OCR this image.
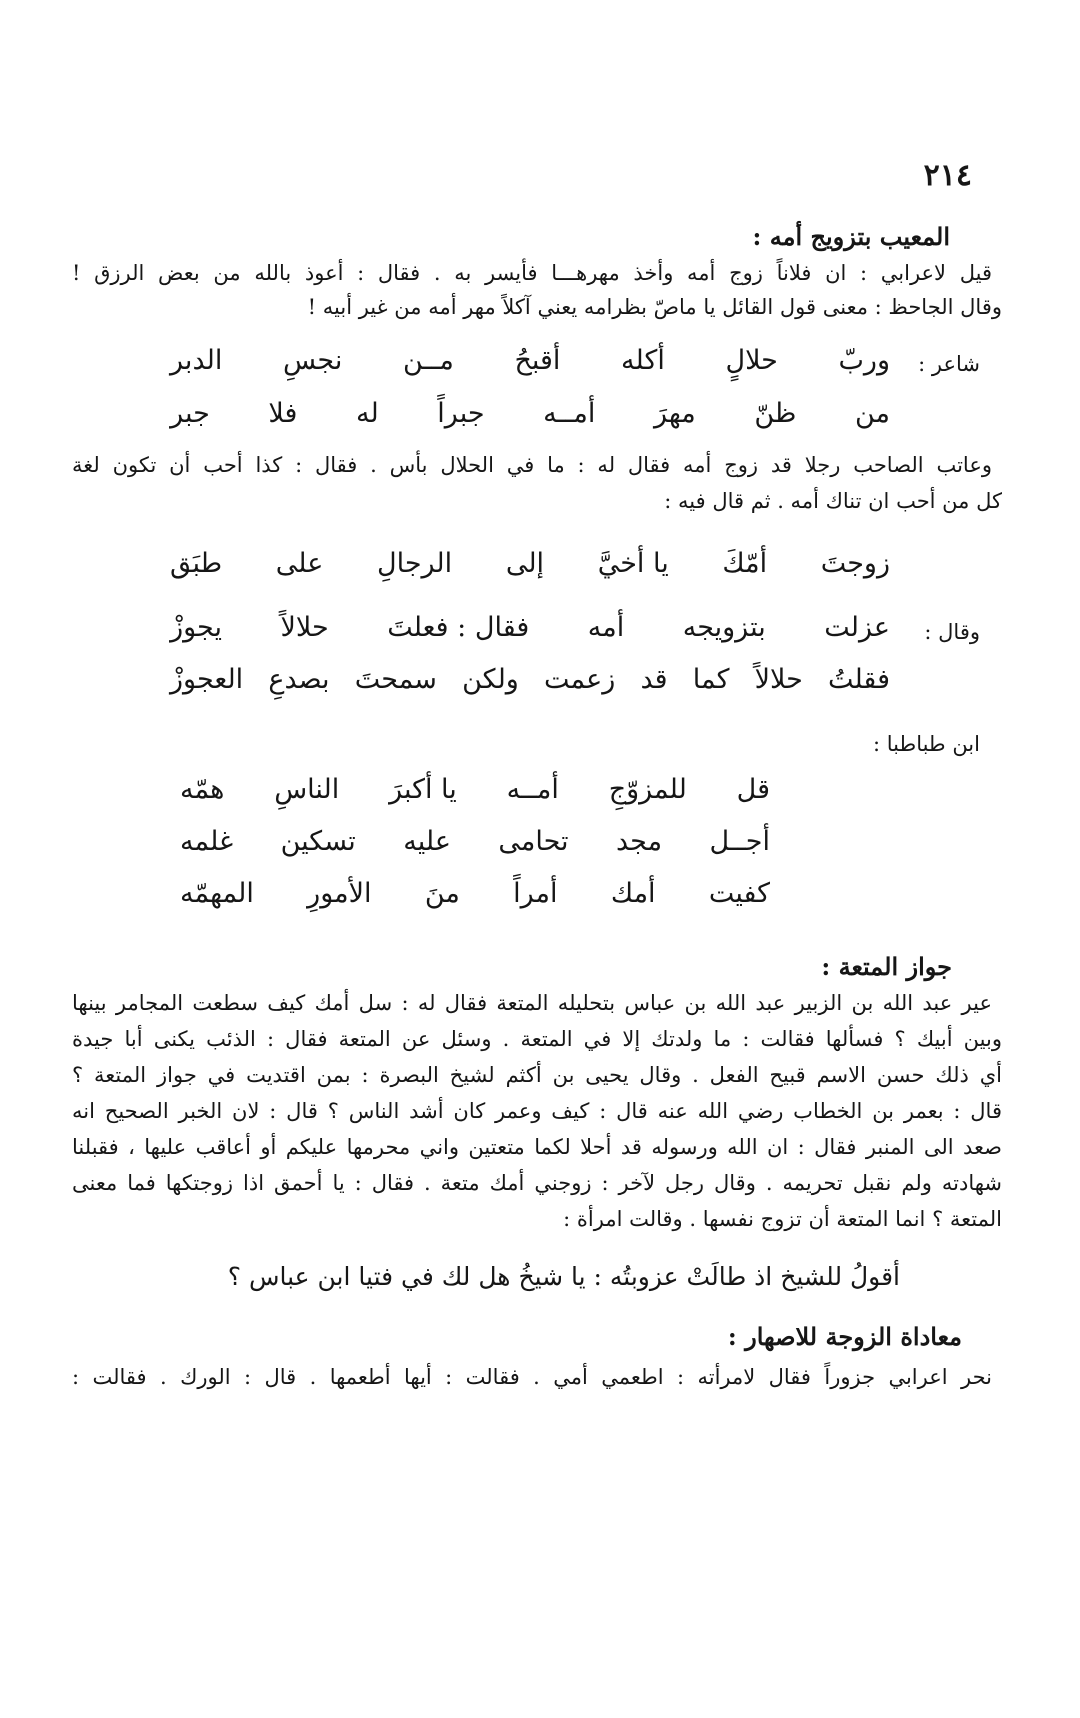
٢١٤
المعيب بتزويج أمه :
قيل لاعرابي : ان فلاناً زوج أمه وأخذ مهرهـــا فأيسر به . فقال : أعوذ بالله من بعض الرزق !
وقال الجاحظ : معنى قول القائل يا ماصّ بظرامه يعني آكلاً مهر أمه من غير أبيه !
شاعر :
وربّ
حلالٍ
أكله
أقبحُ
مــن
نجسِ
الدبر
من
ظنّ
مهرَ
أمــه
جبراً
له
فلا
جبر
وعاتب الصاحب رجلا قد زوج أمه فقال له : ما في الحلال بأس . فقال : كذا أحب أن تكون لغة
كل من أحب ان تناك أمه . ثم قال فيه :
زوجتَ
أمّكَ
يا أخيَّ
إلى
الرجالِ
على
طبَق
وقال :
عزلت
بتزويجه
أمه
فقال : فعلتَ
حلالاً
يجوزْ
فقلتُ
حلالاً
كما
قد
زعمت
ولكن
سمحتَ
بصدعِ
العجوزْ
ابن طباطبا :
قل
للمزوّجِ
أمــه
يا أكبرَ
الناسِ
همّه
أجــل
مجد
تحامى
عليه
تسكين
غلمه
كفيت
أمك
أمراً
منَ
الأمورِ
المهمّه
جواز المتعة :
عير عبد الله بن الزبير عبد الله بن عباس بتحليله المتعة فقال له : سل أمك كيف سطعت المجامر بينها
وبين أبيك ؟ فسألها فقالت : ما ولدتك إلا في المتعة . وسئل عن المتعة فقال : الذئب يكنى أبا جيدة
أي ذلك حسن الاسم قبيح الفعل . وقال يحيى بن أكثم لشيخ البصرة : بمن اقتديت في جواز المتعة ؟
قال : بعمر بن الخطاب رضي الله عنه قال : كيف وعمر كان أشد الناس ؟ قال : لان الخبر الصحيح انه
صعد الى المنبر فقال : ان الله ورسوله قد أحلا لكما متعتين واني محرمها عليكم أو أعاقب عليها ، فقبلنا
شهادته ولم نقبل تحريمه . وقال رجل لآخر : زوجني أمك متعة . فقال : يا أحمق اذا زوجتكها فما معنى
المتعة ؟ انما المتعة أن تزوج نفسها . وقالت امرأة :
أقولُ للشيخ اذ طالَتْ عزوبتُه : يا شيخُ هل لك في فتيا ابن عباس ؟
معاداة الزوجة للاصهار :
نحر اعرابي جزوراً فقال لامرأته : اطعمي أمي . فقالت : أيها أطعمها . قال : الورك . فقالت :
